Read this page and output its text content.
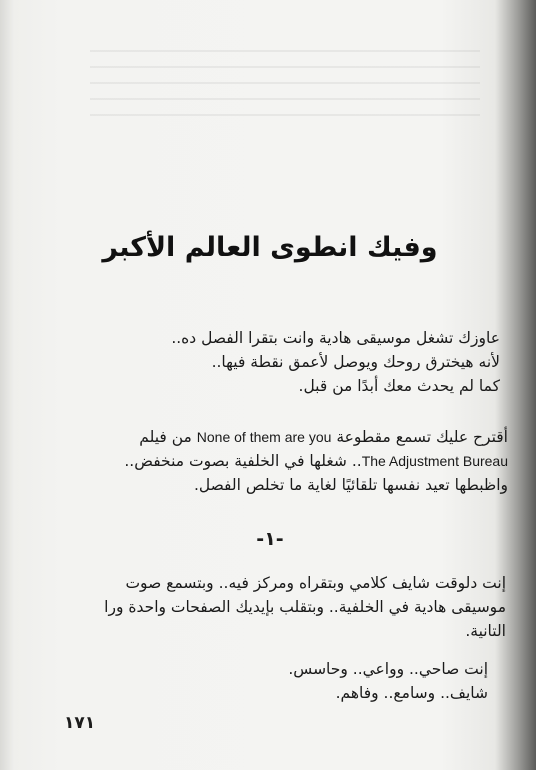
وفيك انطوى العالم الأكبر
عاوزك تشغل موسيقى هادية وانت بتقرا الفصل ده..
لأنه هيخترق روحك ويوصل لأعمق نقطة فيها..
كما لم يحدث معك أبدًا من قبل.
أقترح عليك تسمع مقطوعة None of them are you من فيلم
The Adjustment Bureau.. شغلها في الخلفية بصوت منخفض..
واظبطها تعيد نفسها تلقائيًا لغاية ما تخلص الفصل.
-١-
إنت دلوقت شايف كلامي وبتقراه ومركز فيه.. وبتسمع صوت
موسيقى هادية في الخلفية.. وبتقلب بإيديك الصفحات واحدة ورا
التانية.
إنت صاحي.. وواعي.. وحاسس.
شايف.. وسامع.. وفاهم.
١٧١
